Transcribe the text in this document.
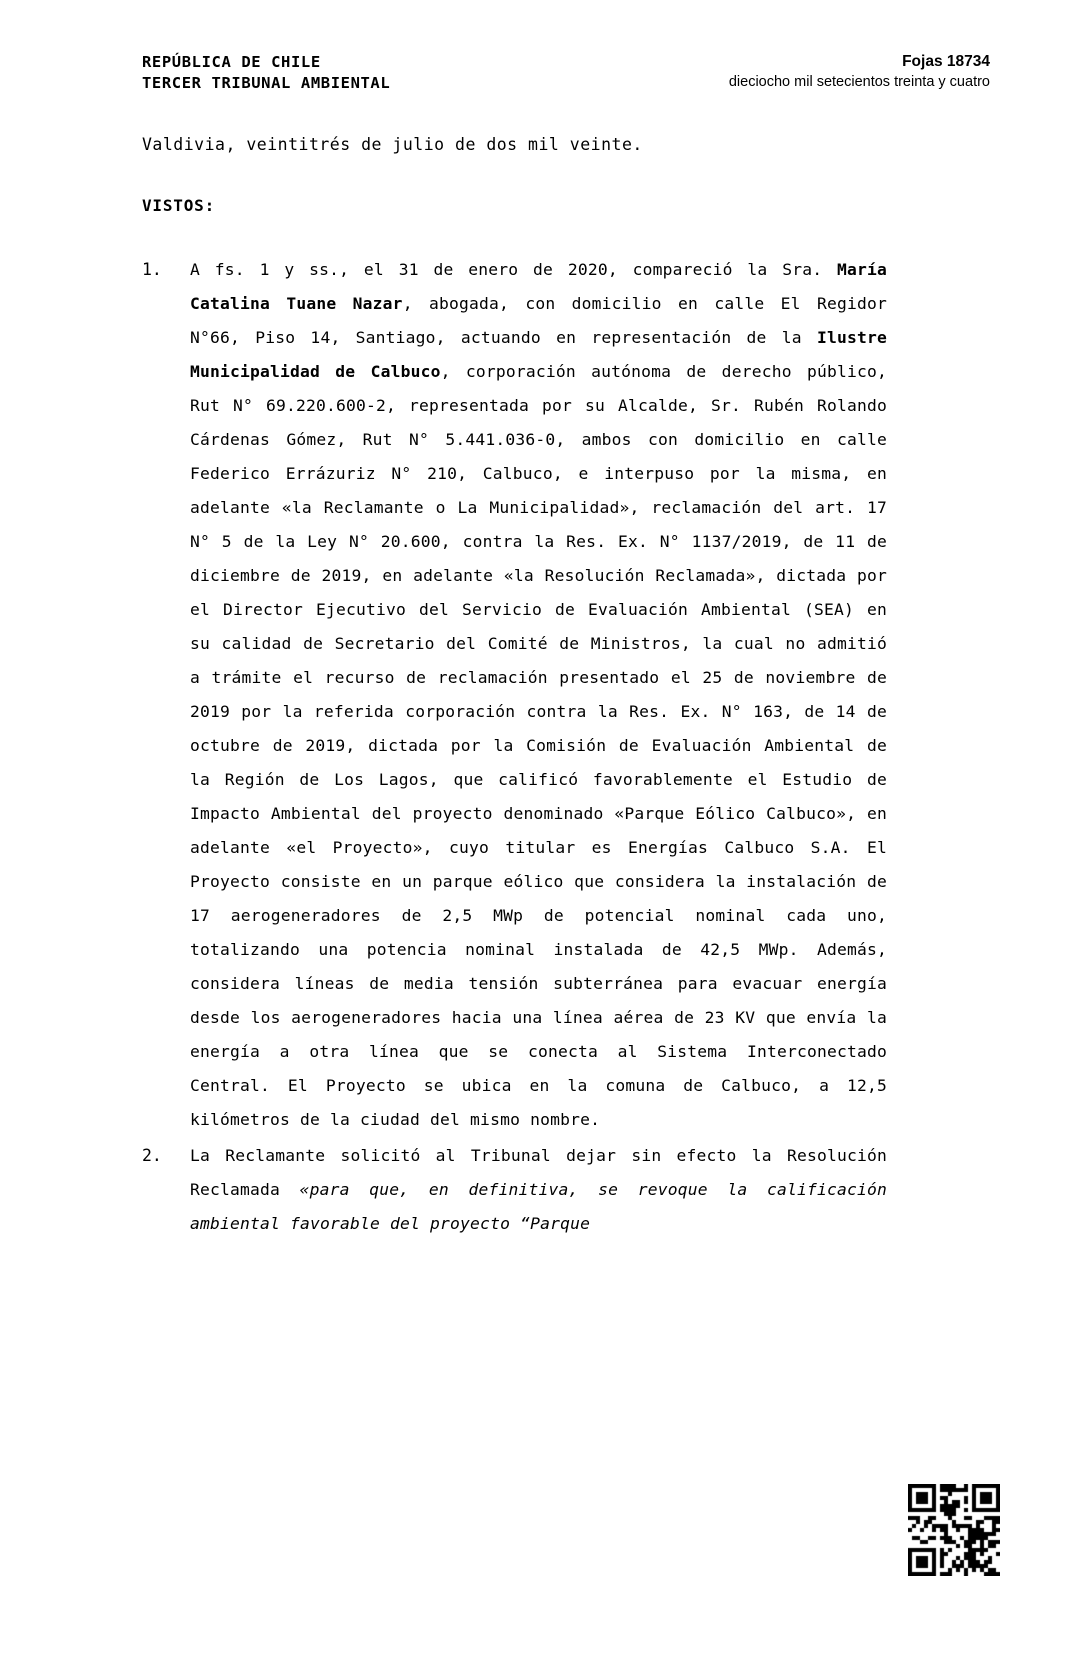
REPÚBLICA DE CHILE
TERCER TRIBUNAL AMBIENTAL
Fojas 18734
dieciocho mil setecientos treinta y cuatro
Valdivia, veintitrés de julio de dos mil veinte.
VISTOS:
1.	A fs. 1 y ss., el 31 de enero de 2020, compareció la Sra. María Catalina Tuane Nazar, abogada, con domicilio en calle El Regidor N°66, Piso 14, Santiago, actuando en representación de la Ilustre Municipalidad de Calbuco, corporación autónoma de derecho público, Rut N° 69.220.600-2, representada por su Alcalde, Sr. Rubén Rolando Cárdenas Gómez, Rut N° 5.441.036-0, ambos con domicilio en calle Federico Errázuriz N° 210, Calbuco, e interpuso por la misma, en adelante «la Reclamante o La Municipalidad», reclamación del art. 17 N° 5 de la Ley N° 20.600, contra la Res. Ex. N° 1137/2019, de 11 de diciembre de 2019, en adelante «la Resolución Reclamada», dictada por el Director Ejecutivo del Servicio de Evaluación Ambiental (SEA) en su calidad de Secretario del Comité de Ministros, la cual no admitió a trámite el recurso de reclamación presentado el 25 de noviembre de 2019 por la referida corporación contra la Res. Ex. N° 163, de 14 de octubre de 2019, dictada por la Comisión de Evaluación Ambiental de la Región de Los Lagos, que calificó favorablemente el Estudio de Impacto Ambiental del proyecto denominado «Parque Eólico Calbuco», en adelante «el Proyecto», cuyo titular es Energías Calbuco S.A. El Proyecto consiste en un parque eólico que considera la instalación de 17 aerogeneradores de 2,5 MWp de potencial nominal cada uno, totalizando una potencia nominal instalada de 42,5 MWp. Además, considera líneas de media tensión subterránea para evacuar energía desde los aerogeneradores hacia una línea aérea de 23 KV que envía la energía a otra línea que se conecta al Sistema Interconectado Central. El Proyecto se ubica en la comuna de Calbuco, a 12,5 kilómetros de la ciudad del mismo nombre.
2.	La Reclamante solicitó al Tribunal dejar sin efecto la Resolución Reclamada «para que, en definitiva, se revoque la calificación ambiental favorable del proyecto “Parque
